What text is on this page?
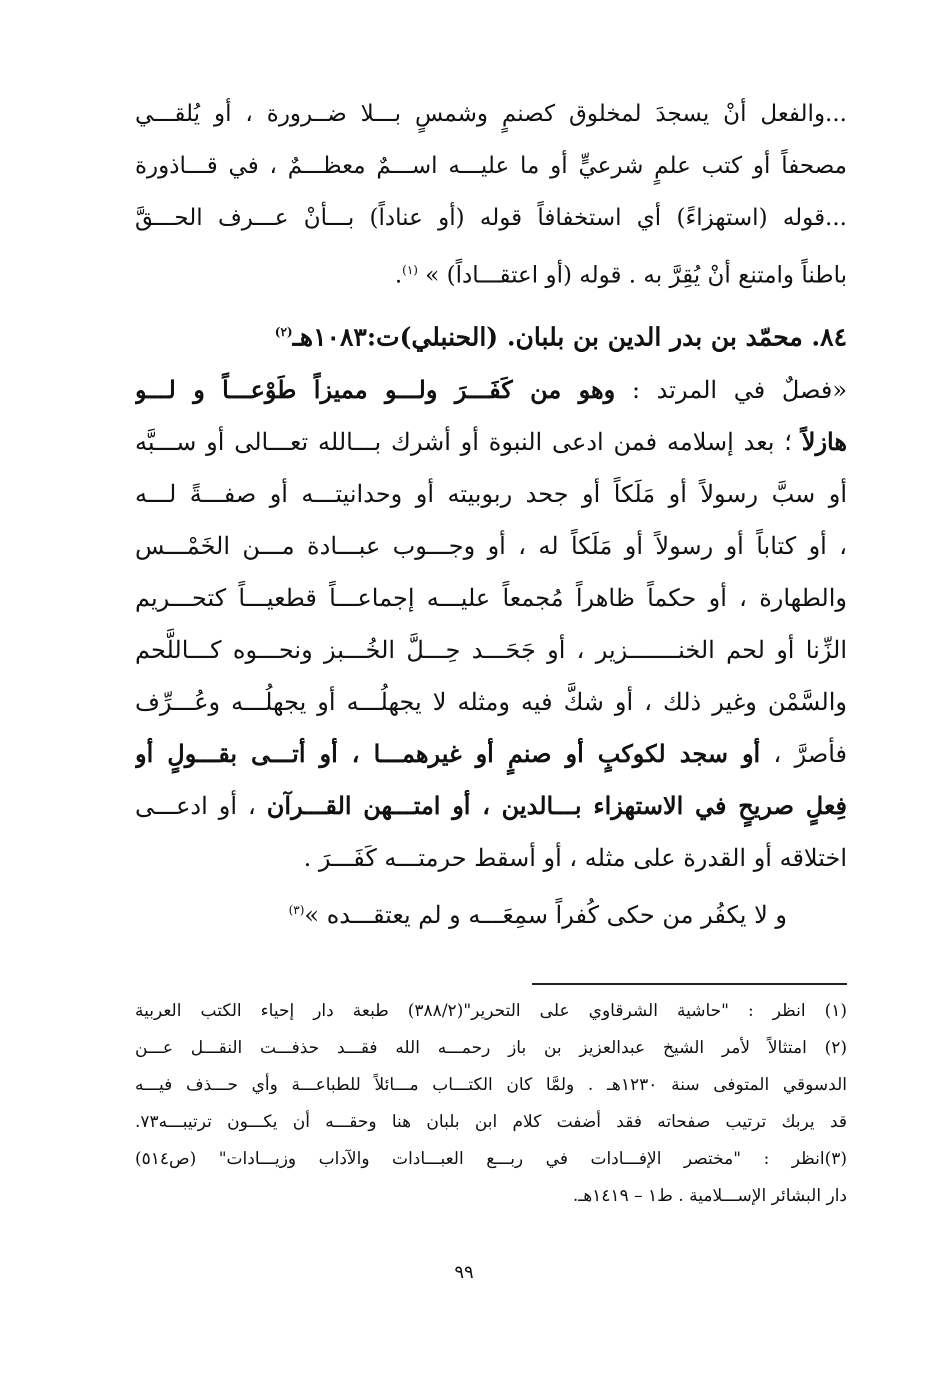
...والفعل أنْ يسجدَ لمخلوق كصنمٍ وشمسٍ بـــلا ضــرورة ، أو يُلقـــي
مصحفاً أو كتب علمٍ شرعيٍّ أو ما عليـــه اســـمٌ معظـــمٌ ، في قـــاذورة
...قوله (استهزاءً) أي استخفافاً قوله (أو عناداً) بـــأنْ عـــرف الحـــقَّ
باطناً وامتنع أنْ يُقِرَّ به . قوله (أو اعتقـــاداً) » $^{(١)}$.
٨٤. محمّد بن بدر الدين بن بلبان. (الحنبلي)ت:١٠٨٣هـ$^{(٢)}$
«فصلٌ في المرتد : وهو من كَفَـــرَ ولـــو مميزاً طَوْعـــاً و لـــو
هازلاً ؛ بعد إسلامه فمن ادعى النبوة أو أشرك بـــالله تعـــالى أو ســـبَّه
أو سبَّ رسولاً أو مَلَكاً أو جحد ربوبيته أو وحدانيتـــه أو صفـــةً لـــه
، أو كتاباً أو رسولاً أو مَلَكاً له ، أو وجـــوب عبـــادة مـــن الخَمْـــس
والطهارة ، أو حكماً ظاهراً مُجمعاً عليـــه إجماعـــاً قطعيـــاً كتحـــريم
الزِّنا أو لحم الخنـــــــزير ، أو جَحَـــد حِـــلَّ الخُـــبز ونحـــوه كـــاللَّحم
والسَّمْن وغير ذلك ، أو شكَّ فيه ومثله لا يجهلُـــه أو يجهلُـــه وعُـــرِّف
فأصرَّ ، أو سجد لكوكبٍ أو صنمٍ أو غيرهمـــا ، أو أتـــى بقـــولٍ أو
فِعلٍ صريحٍ في الاستهزاء بـــالدين ، أو امتـــهن القـــرآن ، أو ادعـــى
اختلاقه أو القدرة على مثله ، أو أسقط حرمتـــه كَفَـــرَ .
و لا يكفُر من حكى كُفراً سمِعَـــه و لم يعتقـــده »$^{(٣)}$
(١) انظر : "حاشية الشرقاوي على التحرير"(٣٨٨/٢) طبعة دار إحياء الكتب العربية
(٢) امتثالاً لأمر الشيخ عبدالعزيز بن باز رحمـــه الله فقـــد حذفـــت النقـــل عـــن
الدسوقي المتوفى سنة ١٢٣٠هـ . ولمَّا كان الكتـــاب مـــائلاً للطباعـــة وأي حـــذف فيـــه
قد يربك ترتيب صفحاته فقد أضفت كلام ابن بلبان هنا وحقـــه أن يكـــون ترتيبـــه٧٣.
(٣)انظر : "مختصر الإفـــادات في ربـــع العبـــادات والآداب وزيـــادات" (ص٥١٤)
دار البشائر الإســـلامية . ط١ – ١٤١٩هـ.
٩٩
